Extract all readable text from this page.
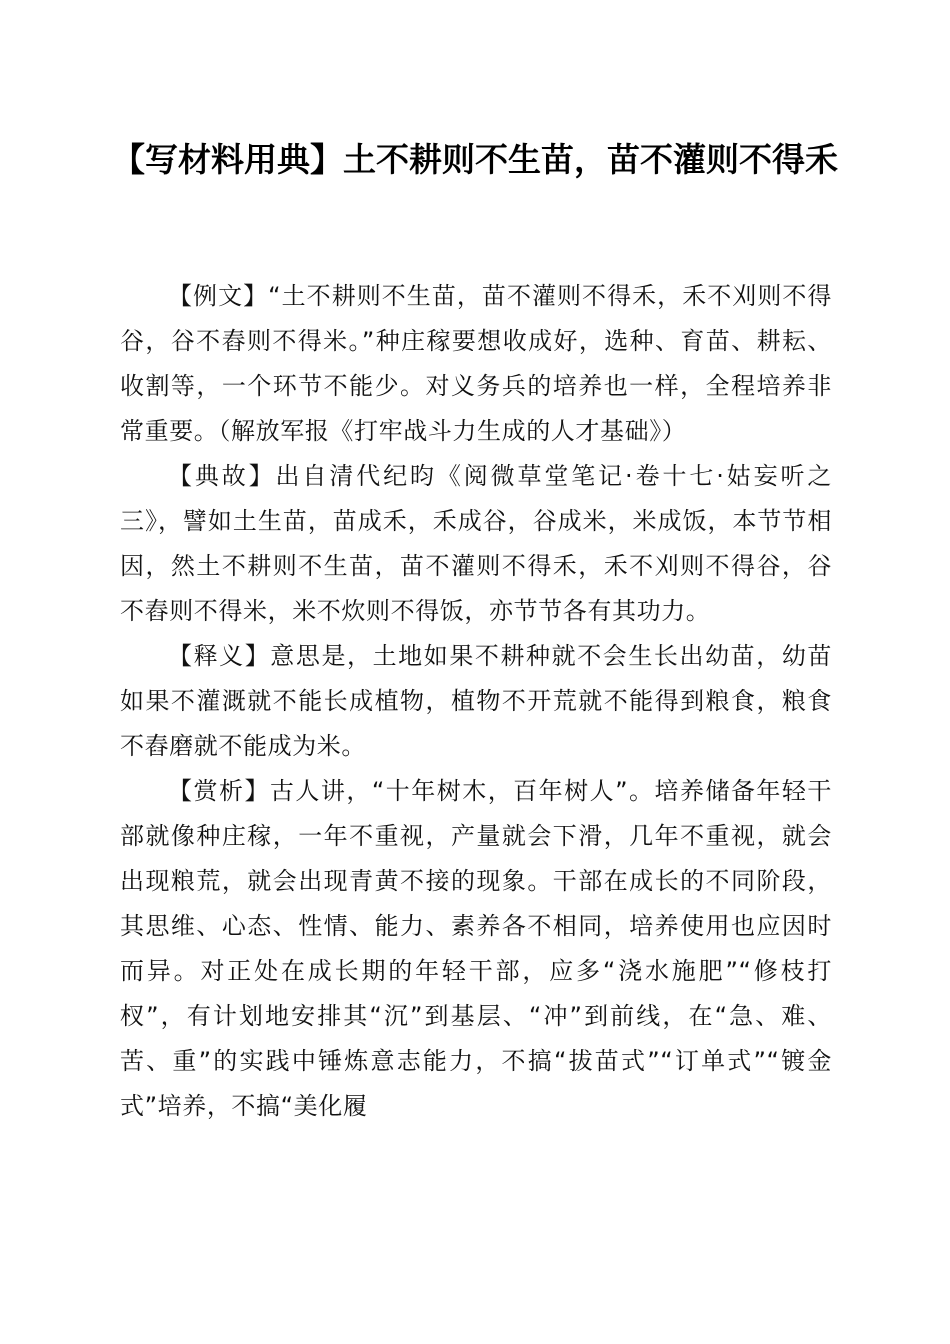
【写材料用典】土不耕则不生苗，苗不灌则不得禾

【例文】“土不耕则不生苗，苗不灌则不得禾，禾不刈则不得谷，谷不舂则不得米。”种庄稼要想收成好，选种、育苗、耕耘、收割等，一个环节不能少。对义务兵的培养也一样，全程培养非常重要。（解放军报《打牢战斗力生成的人才基础》）

【典故】出自清代纪昀《阅微草堂笔记·卷十七·姑妄听之三》，譬如土生苗，苗成禾，禾成谷，谷成米，米成饭，本节节相因，然土不耕则不生苗，苗不灌则不得禾，禾不刈则不得谷，谷不舂则不得米，米不炊则不得饭，亦节节各有其功力。

【释义】意思是，土地如果不耕种就不会生长出幼苗，幼苗如果不灌溉就不能长成植物，植物不开荒就不能得到粮食，粮食不舂磨就不能成为米。

【赏析】古人讲，“十年树木，百年树人”。培养储备年轻干部就像种庄稼，一年不重视，产量就会下滑，几年不重视，就会出现粮荒，就会出现青黄不接的现象。干部在成长的不同阶段，其思维、心态、性情、能力、素养各不相同，培养使用也应因时而异。对正处在成长期的年轻干部，应多“浇水施肥”“修枝打杈”，有计划地安排其“沉”到基层、“冲”到前线，在“急、难、苦、重”的实践中锤炼意志能力，不搞“拔苗式”“订单式”“镀金式”培养，不搞“美化履
